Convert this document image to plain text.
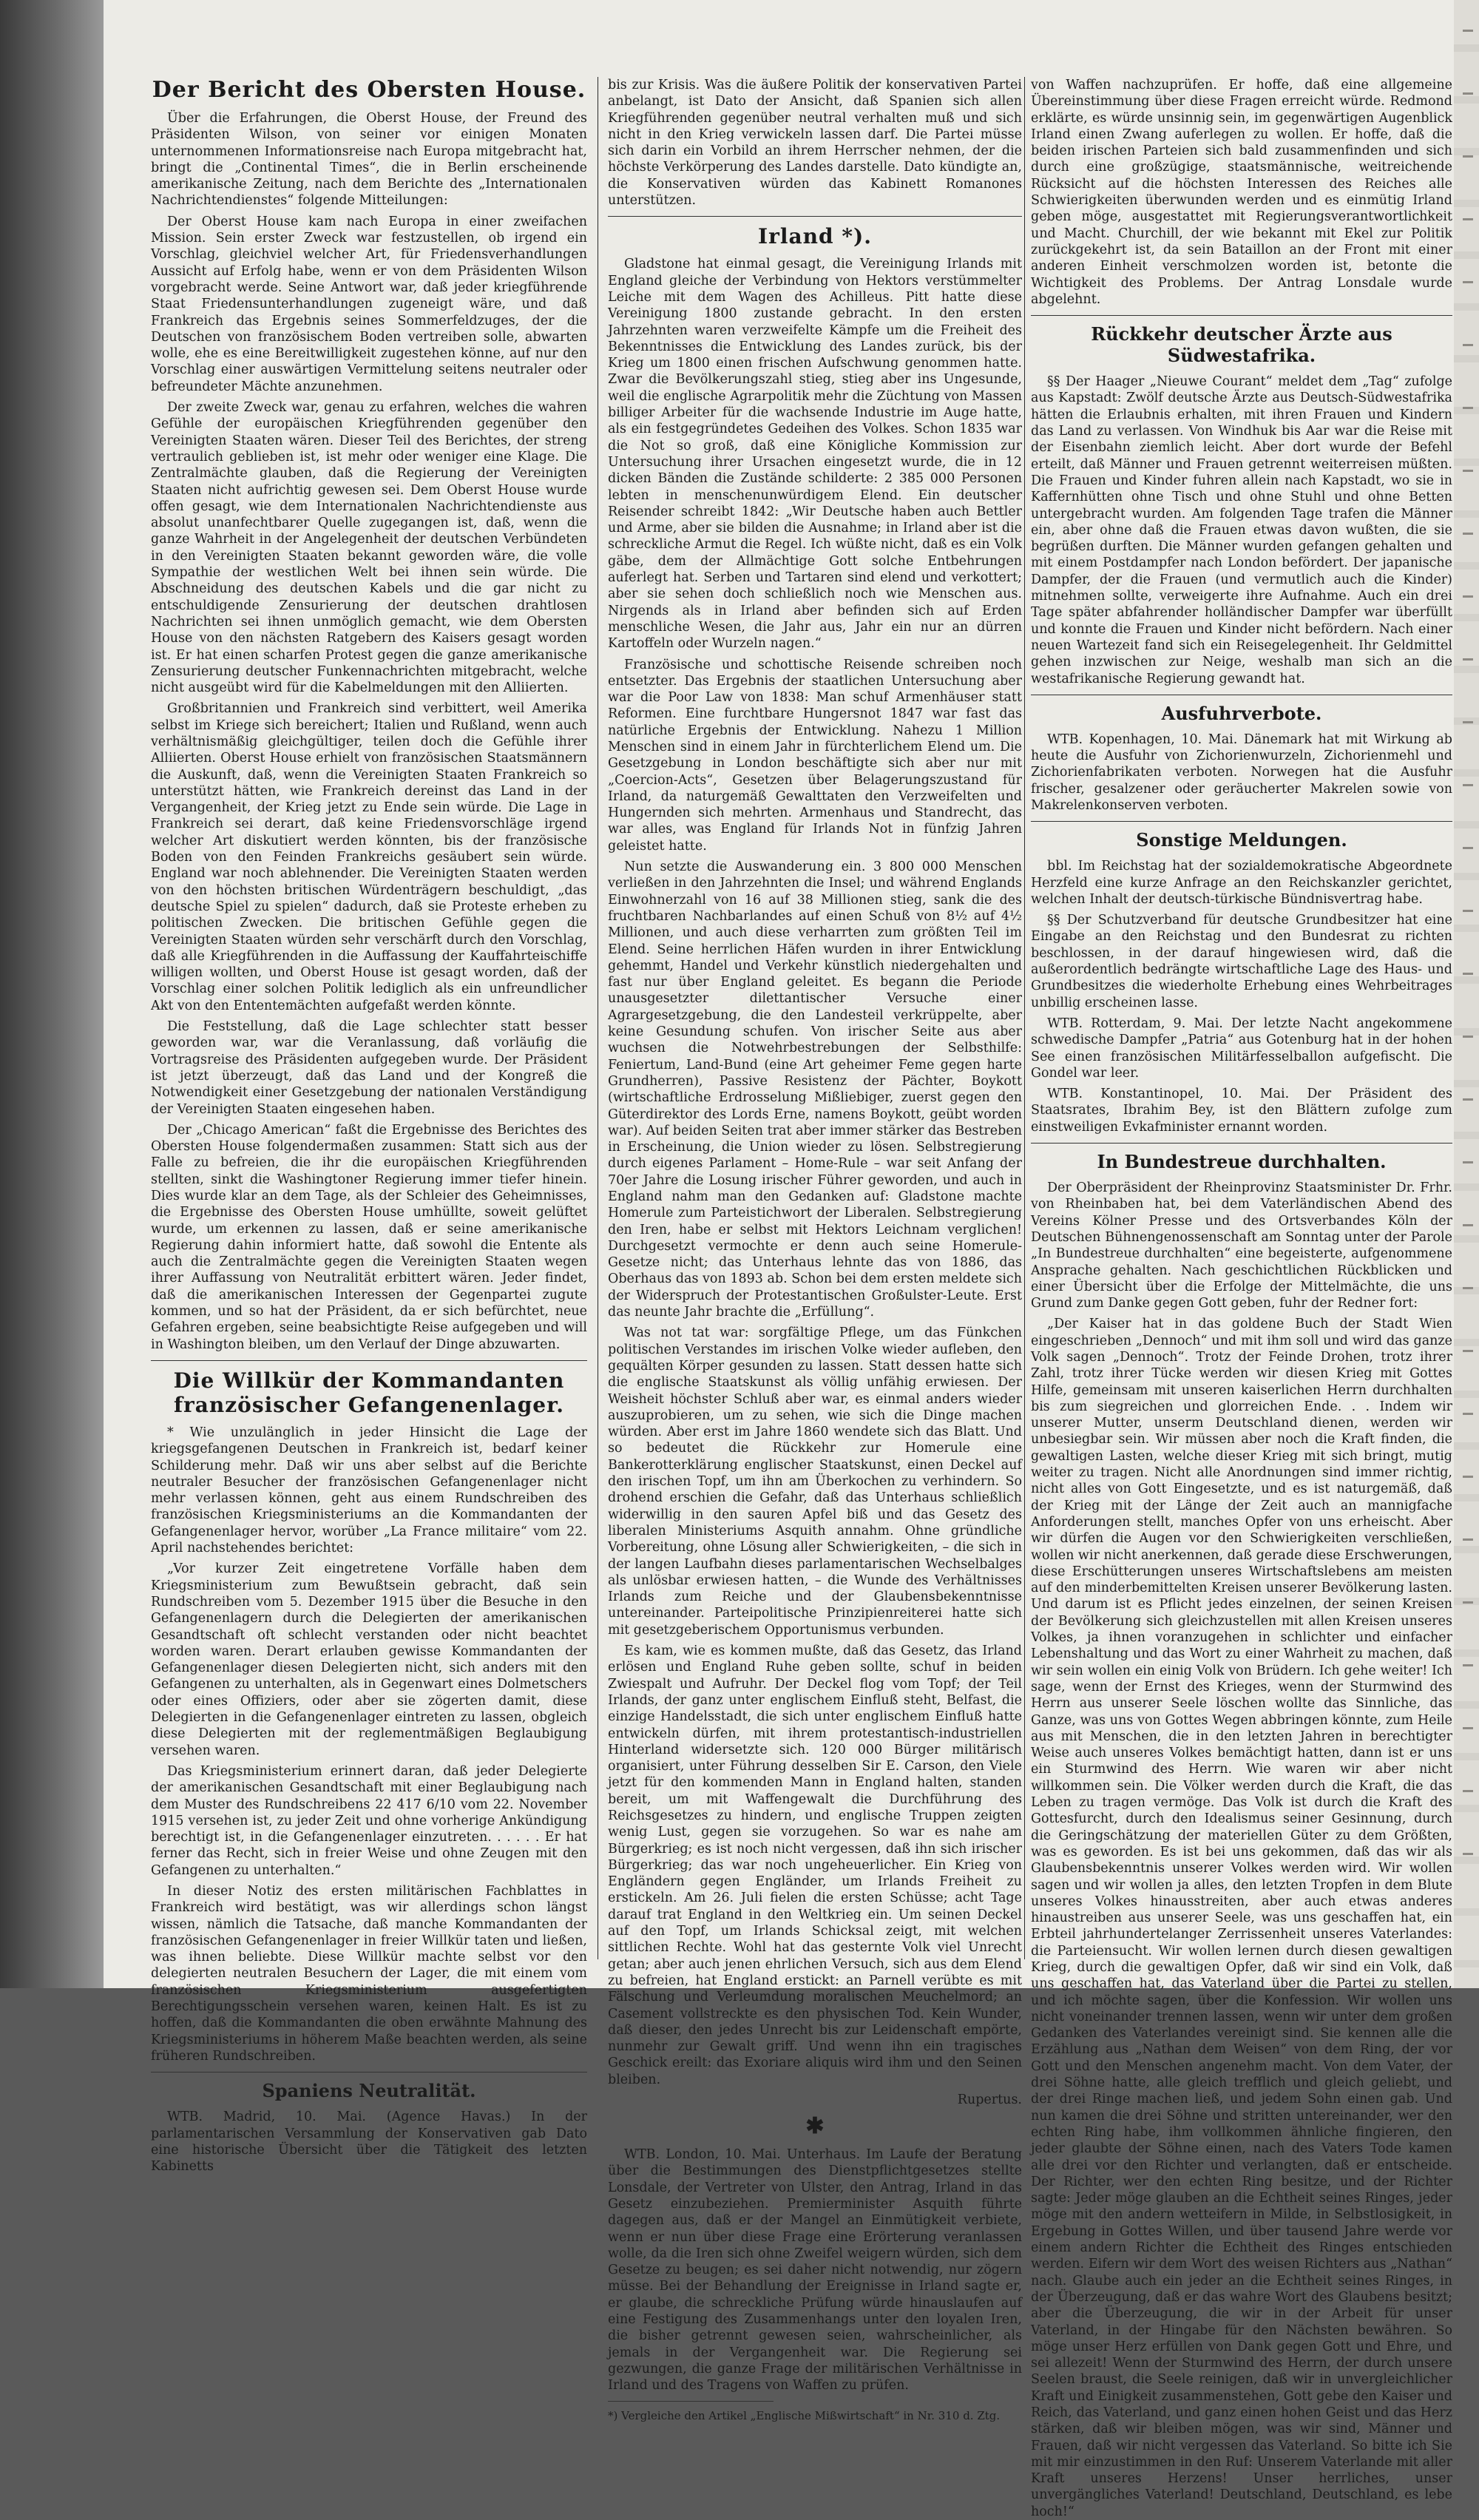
Der Bericht des Obersten House.

Über die Erfahrungen, die Oberst House, der Freund des Präsidenten Wilson, von seiner vor einigen Monaten unternommenen Informationsreise nach Europa mitgebracht hat, bringt die „Continental Times“, die in Berlin erscheinende amerikanische Zeitung, nach dem Berichte des „Internationalen Nachrichtendienstes“ folgende Mitteilungen:

Der Oberst House kam nach Europa in einer zweifachen Mission. Sein erster Zweck war festzustellen, ob irgend ein Vorschlag, gleichviel welcher Art, für Friedensverhandlungen Aussicht auf Erfolg habe, wenn er von dem Präsidenten Wilson vorgebracht werde. Seine Antwort war, daß jeder kriegführende Staat Friedensunterhandlungen zugeneigt wäre, und daß Frankreich das Ergebnis seines Sommerfeldzuges, der die Deutschen von französischem Boden vertreiben solle, abwarten wolle, ehe es eine Bereitwilligkeit zugestehen könne, auf nur den Vorschlag einer auswärtigen Vermittelung seitens neutraler oder befreundeter Mächte anzunehmen.

Der zweite Zweck war, genau zu erfahren, welches die wahren Gefühle der europäischen Kriegführenden gegenüber den Vereinigten Staaten wären. Dieser Teil des Berichtes, der streng vertraulich geblieben ist, ist mehr oder weniger eine Klage. Die Zentralmächte glauben, daß die Regierung der Vereinigten Staaten nicht aufrichtig gewesen sei. Dem Oberst House wurde offen gesagt, wie dem Internationalen Nachrichtendienste aus absolut unanfechtbarer Quelle zugegangen ist, daß, wenn die ganze Wahrheit in der Angelegenheit der deutschen Verbündeten in den Vereinigten Staaten bekannt geworden wäre, die volle Sympathie der westlichen Welt bei ihnen sein würde. Die Abschneidung des deutschen Kabels und die gar nicht zu entschuldigende Zensurierung der deutschen drahtlosen Nachrichten sei ihnen unmöglich gemacht, wie dem Obersten House von den nächsten Ratgebern des Kaisers gesagt worden ist. Er hat einen scharfen Protest gegen die ganze amerikanische Zensurierung deutscher Funkennachrichten mitgebracht, welche nicht ausgeübt wird für die Kabelmeldungen mit den Alliierten.

Großbritannien und Frankreich sind verbittert, weil Amerika selbst im Kriege sich bereichert; Italien und Rußland, wenn auch verhältnismäßig gleichgültiger, teilen doch die Gefühle ihrer Alliierten. Oberst House erhielt von französischen Staatsmännern die Auskunft, daß, wenn die Vereinigten Staaten Frankreich so unterstützt hätten, wie Frankreich dereinst das Land in der Vergangenheit, der Krieg jetzt zu Ende sein würde. Die Lage in Frankreich sei derart, daß keine Friedensvorschläge irgend welcher Art diskutiert werden könnten, bis der französische Boden von den Feinden Frankreichs gesäubert sein würde. England war noch ablehnender. Die Vereinigten Staaten werden von den höchsten britischen Würdenträgern beschuldigt, „das deutsche Spiel zu spielen“ dadurch, daß sie Proteste erheben zu politischen Zwecken. Die britischen Gefühle gegen die Vereinigten Staaten würden sehr verschärft durch den Vorschlag, daß alle Kriegführenden in die Auffassung der Kauffahrteischiffe willigen wollten, und Oberst House ist gesagt worden, daß der Vorschlag einer solchen Politik lediglich als ein unfreundlicher Akt von den Ententemächten aufgefaßt werden könnte.

Die Feststellung, daß die Lage schlechter statt besser geworden war, war die Veranlassung, daß vorläufig die Vortragsreise des Präsidenten aufgegeben wurde. Der Präsident ist jetzt überzeugt, daß das Land und der Kongreß die Notwendigkeit einer Gesetzgebung der nationalen Verständigung der Vereinigten Staaten eingesehen haben.

Der „Chicago American“ faßt die Ergebnisse des Berichtes des Obersten House folgendermaßen zusammen: Statt sich aus der Falle zu befreien, die ihr die europäischen Kriegführenden stellten, sinkt die Washingtoner Regierung immer tiefer hinein. Dies wurde klar an dem Tage, als der Schleier des Geheimnisses, die Ergebnisse des Obersten House umhüllte, soweit gelüftet wurde, um erkennen zu lassen, daß er seine amerikanische Regierung dahin informiert hatte, daß sowohl die Entente als auch die Zentralmächte gegen die Vereinigten Staaten wegen ihrer Auffassung von Neutralität erbittert wären. Jeder findet, daß die amerikanischen Interessen der Gegenpartei zugute kommen, und so hat der Präsident, da er sich befürchtet, neue Gefahren ergeben, seine beabsichtigte Reise aufgegeben und will in Washington bleiben, um den Verlauf der Dinge abzuwarten.

Die Willkür der Kommandanten französischer Gefangenenlager.

* Wie unzulänglich in jeder Hinsicht die Lage der kriegsgefangenen Deutschen in Frankreich ist, bedarf keiner Schilderung mehr. Daß wir uns aber selbst auf die Berichte neutraler Besucher der französischen Gefangenenlager nicht mehr verlassen können, geht aus einem Rundschreiben des französischen Kriegsministeriums an die Kommandanten der Gefangenenlager hervor, worüber „La France militaire“ vom 22. April nachstehendes berichtet:

„Vor kurzer Zeit eingetretene Vorfälle haben dem Kriegsministerium zum Bewußtsein gebracht, daß sein Rundschreiben vom 5. Dezember 1915 über die Besuche in den Gefangenenlagern durch die Delegierten der amerikanischen Gesandtschaft oft schlecht verstanden oder nicht beachtet worden waren. Derart erlauben gewisse Kommandanten der Gefangenenlager diesen Delegierten nicht, sich anders mit den Gefangenen zu unterhalten, als in Gegenwart eines Dolmetschers oder eines Offiziers, oder aber sie zögerten damit, diese Delegierten in die Gefangenenlager eintreten zu lassen, obgleich diese Delegierten mit der reglementmäßigen Beglaubigung versehen waren.

Das Kriegsministerium erinnert daran, daß jeder Delegierte der amerikanischen Gesandtschaft mit einer Beglaubigung nach dem Muster des Rundschreibens 22 417 6/10 vom 22. November 1915 versehen ist, zu jeder Zeit und ohne vorherige Ankündigung berechtigt ist, in die Gefangenenlager einzutreten. . . . . . Er hat ferner das Recht, sich in freier Weise und ohne Zeugen mit den Gefangenen zu unterhalten.“

In dieser Notiz des ersten militärischen Fachblattes in Frankreich wird bestätigt, was wir allerdings schon längst wissen, nämlich die Tatsache, daß manche Kommandanten der französischen Gefangenenlager in freier Willkür taten und ließen, was ihnen beliebte. Diese Willkür machte selbst vor den delegierten neutralen Besuchern der Lager, die mit einem vom französischen Kriegsministerium ausgefertigten Berechtigungsschein versehen waren, keinen Halt. Es ist zu hoffen, daß die Kommandanten die oben erwähnte Mahnung des Kriegsministeriums in höherem Maße beachten werden, als seine früheren Rundschreiben.

Spaniens Neutralität.

WTB. Madrid, 10. Mai. (Agence Havas.) In der parlamentarischen Versammlung der Konservativen gab Dato eine historische Übersicht über die Tätigkeit des letzten Kabinetts

bis zur Krisis. Was die äußere Politik der konservativen Partei anbelangt, ist Dato der Ansicht, daß Spanien sich allen Kriegführenden gegenüber neutral verhalten muß und sich nicht in den Krieg verwickeln lassen darf. Die Partei müsse sich darin ein Vorbild an ihrem Herrscher nehmen, der die höchste Verkörperung des Landes darstelle. Dato kündigte an, die Konservativen würden das Kabinett Romanones unterstützen.

Irland *).

Gladstone hat einmal gesagt, die Vereinigung Irlands mit England gleiche der Verbindung von Hektors verstümmelter Leiche mit dem Wagen des Achilleus. Pitt hatte diese Vereinigung 1800 zustande gebracht. In den ersten Jahrzehnten waren verzweifelte Kämpfe um die Freiheit des Bekenntnisses die Entwicklung des Landes zurück, bis der Krieg um 1800 einen frischen Aufschwung genommen hatte. Zwar die Bevölkerungszahl stieg, stieg aber ins Ungesunde, weil die englische Agrarpolitik mehr die Züchtung von Massen billiger Arbeiter für die wachsende Industrie im Auge hatte, als ein festgegründetes Gedeihen des Volkes. Schon 1835 war die Not so groß, daß eine Königliche Kommission zur Untersuchung ihrer Ursachen eingesetzt wurde, die in 12 dicken Bänden die Zustände schilderte: 2 385 000 Personen lebten in menschenunwürdigem Elend. Ein deutscher Reisender schreibt 1842: „Wir Deutsche haben auch Bettler und Arme, aber sie bilden die Ausnahme; in Irland aber ist die schreckliche Armut die Regel. Ich wüßte nicht, daß es ein Volk gäbe, dem der Allmächtige Gott solche Entbehrungen auferlegt hat. Serben und Tartaren sind elend und verkottert; aber sie sehen doch schließlich noch wie Menschen aus. Nirgends als in Irland aber befinden sich auf Erden menschliche Wesen, die Jahr aus, Jahr ein nur an dürren Kartoffeln oder Wurzeln nagen.“

Französische und schottische Reisende schreiben noch entsetzter. Das Ergebnis der staatlichen Untersuchung aber war die Poor Law von 1838: Man schuf Armenhäuser statt Reformen. Eine furchtbare Hungersnot 1847 war fast das natürliche Ergebnis der Entwicklung. Nahezu 1 Million Menschen sind in einem Jahr in fürchterlichem Elend um. Die Gesetzgebung in London beschäftigte sich aber nur mit „Coercion-Acts“, Gesetzen über Belagerungszustand für Irland, da naturgemäß Gewalttaten den Verzweifelten und Hungernden sich mehrten. Armenhaus und Standrecht, das war alles, was England für Irlands Not in fünfzig Jahren geleistet hatte.

Nun setzte die Auswanderung ein. 3 800 000 Menschen verließen in den Jahrzehnten die Insel; und während Englands Einwohnerzahl von 16 auf 38 Millionen stieg, sank die des fruchtbaren Nachbarlandes auf einen Schuß von 8½ auf 4½ Millionen, und auch diese verharrten zum größten Teil im Elend. Seine herrlichen Häfen wurden in ihrer Entwicklung gehemmt, Handel und Verkehr künstlich niedergehalten und fast nur über England geleitet. Es begann die Periode unausgesetzter dilettantischer Versuche einer Agrargesetzgebung, die den Landesteil verkrüppelte, aber keine Gesundung schufen. Von irischer Seite aus aber wuchsen die Notwehrbestrebungen der Selbsthilfe: Feniertum, Land-Bund (eine Art geheimer Feme gegen harte Grundherren), Passive Resistenz der Pächter, Boykott (wirtschaftliche Erdrosselung Mißliebiger, zuerst gegen den Güterdirektor des Lords Erne, namens Boykott, geübt worden war). Auf beiden Seiten trat aber immer stärker das Bestreben in Erscheinung, die Union wieder zu lösen. Selbstregierung durch eigenes Parlament – Home-Rule – war seit Anfang der 70er Jahre die Losung irischer Führer geworden, und auch in England nahm man den Gedanken auf: Gladstone machte Homerule zum Parteistichwort der Liberalen. Selbstregierung den Iren, habe er selbst mit Hektors Leichnam verglichen! Durchgesetzt vermochte er denn auch seine Homerule-Gesetze nicht; das Unterhaus lehnte das von 1886, das Oberhaus das von 1893 ab. Schon bei dem ersten meldete sich der Widerspruch der Protestantischen Großulster-Leute. Erst das neunte Jahr brachte die „Erfüllung“.

Was not tat war: sorgfältige Pflege, um das Fünkchen politischen Verstandes im irischen Volke wieder aufleben, den gequälten Körper gesunden zu lassen. Statt dessen hatte sich die englische Staatskunst als völlig unfähig erwiesen. Der Weisheit höchster Schluß aber war, es einmal anders wieder auszuprobieren, um zu sehen, wie sich die Dinge machen würden. Aber erst im Jahre 1860 wendete sich das Blatt. Und so bedeutet die Rückkehr zur Homerule eine Bankerotterklärung englischer Staatskunst, einen Deckel auf den irischen Topf, um ihn am Überkochen zu verhindern. So drohend erschien die Gefahr, daß das Unterhaus schließlich widerwillig in den sauren Apfel biß und das Gesetz des liberalen Ministeriums Asquith annahm. Ohne gründliche Vorbereitung, ohne Lösung aller Schwierigkeiten, – die sich in der langen Laufbahn dieses parlamentarischen Wechselbalges als unlösbar erwiesen hatten, – die Wunde des Verhältnisses Irlands zum Reiche und der Glaubensbekenntnisse untereinander. Parteipolitische Prinzipienreiterei hatte sich mit gesetzgeberischem Opportunismus verbunden.

Es kam, wie es kommen mußte, daß das Gesetz, das Irland erlösen und England Ruhe geben sollte, schuf in beiden Zwiespalt und Aufruhr. Der Deckel flog vom Topf; der Teil Irlands, der ganz unter englischem Einfluß steht, Belfast, die einzige Handelsstadt, die sich unter englischem Einfluß hatte entwickeln dürfen, mit ihrem protestantisch-industriellen Hinterland widersetzte sich. 120 000 Bürger militärisch organisiert, unter Führung desselben Sir E. Carson, den Viele jetzt für den kommenden Mann in England halten, standen bereit, um mit Waffengewalt die Durchführung des Reichsgesetzes zu hindern, und englische Truppen zeigten wenig Lust, gegen sie vorzugehen. So war es nahe am Bürgerkrieg; es ist noch nicht vergessen, daß ihn sich irischer Bürgerkrieg; das war noch ungeheuerlicher. Ein Krieg von Engländern gegen Engländer, um Irlands Freiheit zu erstickeln. Am 26. Juli fielen die ersten Schüsse; acht Tage darauf trat England in den Weltkrieg ein. Um seinen Deckel auf den Topf, um Irlands Schicksal zeigt, mit welchen sittlichen Rechte. Wohl hat das gesternte Volk viel Unrecht getan; aber auch jenen ehrlichen Versuch, sich aus dem Elend zu befreien, hat England erstickt: an Parnell verübte es mit Fälschung und Verleumdung moralischen Meuchelmord; an Casement vollstreckte es den physischen Tod. Kein Wunder, daß dieser, den jedes Unrecht bis zur Leidenschaft empörte, nunmehr zur Gewalt griff. Und wenn ihn ein tragisches Geschick ereilt: das Exoriare aliquis wird ihm und den Seinen bleiben.

Rupertus.
✱

WTB. London, 10. Mai. Unterhaus. Im Laufe der Beratung über die Bestimmungen des Dienstpflichtgesetzes stellte Lonsdale, der Vertreter von Ulster, den Antrag, Irland in das Gesetz einzubeziehen. Premierminister Asquith führte dagegen aus, daß er der Mangel an Einmütigkeit verbiete, wenn er nun über diese Frage eine Erörterung veranlassen wolle, da die Iren sich ohne Zweifel weigern würden, sich dem Gesetze zu beugen; es sei daher nicht notwendig, nur zögern müsse. Bei der Behandlung der Ereignisse in Irland sagte er, er glaube, die schreckliche Prüfung würde hinauslaufen auf eine Festigung des Zusammenhangs unter den loyalen Iren, die bisher getrennt gewesen seien, wahrscheinlicher, als jemals in der Vergangenheit war. Die Regierung sei gezwungen, die ganze Frage der militärischen Verhältnisse in Irland und des Tragens von Waffen zu prüfen.

*) Vergleiche den Artikel „Englische Mißwirtschaft“ in Nr. 310 d. Ztg.

von Waffen nachzuprüfen. Er hoffe, daß eine allgemeine Übereinstimmung über diese Fragen erreicht würde. Redmond erklärte, es würde unsinnig sein, im gegenwärtigen Augenblick Irland einen Zwang auferlegen zu wollen. Er hoffe, daß die beiden irischen Parteien sich bald zusammenfinden und sich durch eine großzügige, staatsmännische, weitreichende Rücksicht auf die höchsten Interessen des Reiches alle Schwierigkeiten überwunden werden und es einmütig Irland geben möge, ausgestattet mit Regierungsverantwortlichkeit und Macht. Churchill, der wie bekannt mit Ekel zur Politik zurückgekehrt ist, da sein Bataillon an der Front mit einer anderen Einheit verschmolzen worden ist, betonte die Wichtigkeit des Problems. Der Antrag Lonsdale wurde abgelehnt.

Rückkehr deutscher Ärzte aus Südwestafrika.

§§ Der Haager „Nieuwe Courant“ meldet dem „Tag“ zufolge aus Kapstadt: Zwölf deutsche Ärzte aus Deutsch-Südwestafrika hätten die Erlaubnis erhalten, mit ihren Frauen und Kindern das Land zu verlassen. Von Windhuk bis Aar war die Reise mit der Eisenbahn ziemlich leicht. Aber dort wurde der Befehl erteilt, daß Männer und Frauen getrennt weiterreisen müßten. Die Frauen und Kinder fuhren allein nach Kapstadt, wo sie in Kaffernhütten ohne Tisch und ohne Stuhl und ohne Betten untergebracht wurden. Am folgenden Tage trafen die Männer ein, aber ohne daß die Frauen etwas davon wußten, die sie begrüßen durften. Die Männer wurden gefangen gehalten und mit einem Postdampfer nach London befördert. Der japanische Dampfer, der die Frauen (und vermutlich auch die Kinder) mitnehmen sollte, verweigerte ihre Aufnahme. Auch ein drei Tage später abfahrender holländischer Dampfer war überfüllt und konnte die Frauen und Kinder nicht befördern. Nach einer neuen Wartezeit fand sich ein Reisegelegenheit. Ihr Geldmittel gehen inzwischen zur Neige, weshalb man sich an die westafrikanische Regierung gewandt hat.

Ausfuhrverbote.

WTB. Kopenhagen, 10. Mai. Dänemark hat mit Wirkung ab heute die Ausfuhr von Zichorienwurzeln, Zichorienmehl und Zichorienfabrikaten verboten. Norwegen hat die Ausfuhr frischer, gesalzener oder geräucherter Makrelen sowie von Makrelenkonserven verboten.

Sonstige Meldungen.

bbl. Im Reichstag hat der sozialdemokratische Abgeordnete Herzfeld eine kurze Anfrage an den Reichskanzler gerichtet, welchen Inhalt der deutsch-türkische Bündnisvertrag habe.

§§ Der Schutzverband für deutsche Grundbesitzer hat eine Eingabe an den Reichstag und den Bundesrat zu richten beschlossen, in der darauf hingewiesen wird, daß die außerordentlich bedrängte wirtschaftliche Lage des Haus- und Grundbesitzes die wiederholte Erhebung eines Wehrbeitrages unbillig erscheinen lasse.

WTB. Rotterdam, 9. Mai. Der letzte Nacht angekommene schwedische Dampfer „Patria“ aus Gotenburg hat in der hohen See einen französischen Militärfesselballon aufgefischt. Die Gondel war leer.

WTB. Konstantinopel, 10. Mai. Der Präsident des Staatsrates, Ibrahim Bey, ist den Blättern zufolge zum einstweiligen Evkafminister ernannt worden.

In Bundestreue durchhalten.

Der Oberpräsident der Rheinprovinz Staatsminister Dr. Frhr. von Rheinbaben hat, bei dem Vaterländischen Abend des Vereins Kölner Presse und des Ortsverbandes Köln der Deutschen Bühnengenossenschaft am Sonntag unter der Parole „In Bundestreue durchhalten“ eine begeisterte, aufgenommene Ansprache gehalten. Nach geschichtlichen Rückblicken und einer Übersicht über die Erfolge der Mittelmächte, die uns Grund zum Danke gegen Gott geben, fuhr der Redner fort:

„Der Kaiser hat in das goldene Buch der Stadt Wien eingeschrieben „Dennoch“ und mit ihm soll und wird das ganze Volk sagen „Dennoch“. Trotz der Feinde Drohen, trotz ihrer Zahl, trotz ihrer Tücke werden wir diesen Krieg mit Gottes Hilfe, gemeinsam mit unseren kaiserlichen Herrn durchhalten bis zum siegreichen und glorreichen Ende. . . Indem wir unserer Mutter, unserm Deutschland dienen, werden wir unbesiegbar sein. Wir müssen aber noch die Kraft finden, die gewaltigen Lasten, welche dieser Krieg mit sich bringt, mutig weiter zu tragen. Nicht alle Anordnungen sind immer richtig, nicht alles von Gott Eingesetzte, und es ist naturgemäß, daß der Krieg mit der Länge der Zeit auch an mannigfache Anforderungen stellt, manches Opfer von uns erheischt. Aber wir dürfen die Augen vor den Schwierigkeiten verschließen, wollen wir nicht anerkennen, daß gerade diese Erschwerungen, diese Erschütterungen unseres Wirtschaftslebens am meisten auf den minderbemittelten Kreisen unserer Bevölkerung lasten. Und darum ist es Pflicht jedes einzelnen, der seinen Kreisen der Bevölkerung sich gleichzustellen mit allen Kreisen unseres Volkes, ja ihnen voranzugehen in schlichter und einfacher Lebenshaltung und das Wort zu einer Wahrheit zu machen, daß wir sein wollen ein einig Volk von Brüdern. Ich gehe weiter! Ich sage, wenn der Ernst des Krieges, wenn der Sturmwind des Herrn aus unserer Seele löschen wollte das Sinnliche, das Ganze, was uns von Gottes Wegen abbringen könnte, zum Heile aus mit Menschen, die in den letzten Jahren in berechtigter Weise auch unseres Volkes bemächtigt hatten, dann ist er uns ein Sturmwind des Herrn. Wie waren wir aber nicht willkommen sein. Die Völker werden durch die Kraft, die das Leben zu tragen vermöge. Das Volk ist durch die Kraft des Gottesfurcht, durch den Idealismus seiner Gesinnung, durch die Geringschätzung der materiellen Güter zu dem Größten, was es geworden. Es ist bei uns gekommen, daß das wir als Glaubensbekenntnis unserer Volkes werden wird. Wir wollen sagen und wir wollen ja alles, den letzten Tropfen in dem Blute unseres Volkes hinausstreiten, aber auch etwas anderes hinaustreiben aus unserer Seele, was uns geschaffen hat, ein Erbteil jahrhundertelanger Zerrissenheit unseres Vaterlandes: die Parteiensucht. Wir wollen lernen durch diesen gewaltigen Krieg, durch die gewaltigen Opfer, daß wir sind ein Volk, daß uns geschaffen hat, das Vaterland über die Partei zu stellen, und ich möchte sagen, über die Konfession. Wir wollen uns nicht voneinander trennen lassen, wenn wir unter dem großen Gedanken des Vaterlandes vereinigt sind. Sie kennen alle die Erzählung aus „Nathan dem Weisen“ von dem Ring, der vor Gott und den Menschen angenehm macht. Von dem Vater, der drei Söhne hatte, alle gleich trefflich und gleich geliebt, und der drei Ringe machen ließ, und jedem Sohn einen gab. Und nun kamen die drei Söhne und stritten untereinander, wer den echten Ring habe, ihm vollkommen ähnliche fingieren, den jeder glaubte der Söhne einen, nach des Vaters Tode kamen alle drei vor den Richter und verlangten, daß er entscheide. Der Richter, wer den echten Ring besitze, und der Richter sagte: Jeder möge glauben an die Echtheit seines Ringes, jeder möge mit den andern wetteifern in Milde, in Selbstlosigkeit, in Ergebung in Gottes Willen, und über tausend Jahre werde vor einem andern Richter die Echtheit des Ringes entschieden werden. Eifern wir dem Wort des weisen Richters aus „Nathan“ nach. Glaube auch ein jeder an die Echtheit seines Ringes, in der Überzeugung, daß er das wahre Wort des Glaubens besitzt; aber die Überzeugung, die wir in der Arbeit für unser Vaterland, in der Hingabe für den Nächsten bewähren. So möge unser Herz erfüllen von Dank gegen Gott und Ehre, und sei allezeit! Wenn der Sturmwind des Herrn, der durch unsere Seelen braust, die Seele reinigen, daß wir in unvergleichlicher Kraft und Einigkeit zusammenstehen, Gott gebe den Kaiser und Reich, das Vaterland, und ganz einen hohen Geist und das Herz stärken, daß wir bleiben mögen, was wir sind, Männer und Frauen, daß wir nicht vergessen das Vaterland. So bitte ich Sie mit mir einzustimmen in den Ruf: Unserem Vaterlande mit aller Kraft unseres Herzens! Unser herrliches, unser unvergängliches Vaterland! Deutschland, Deutschland, es lebe hoch!“
